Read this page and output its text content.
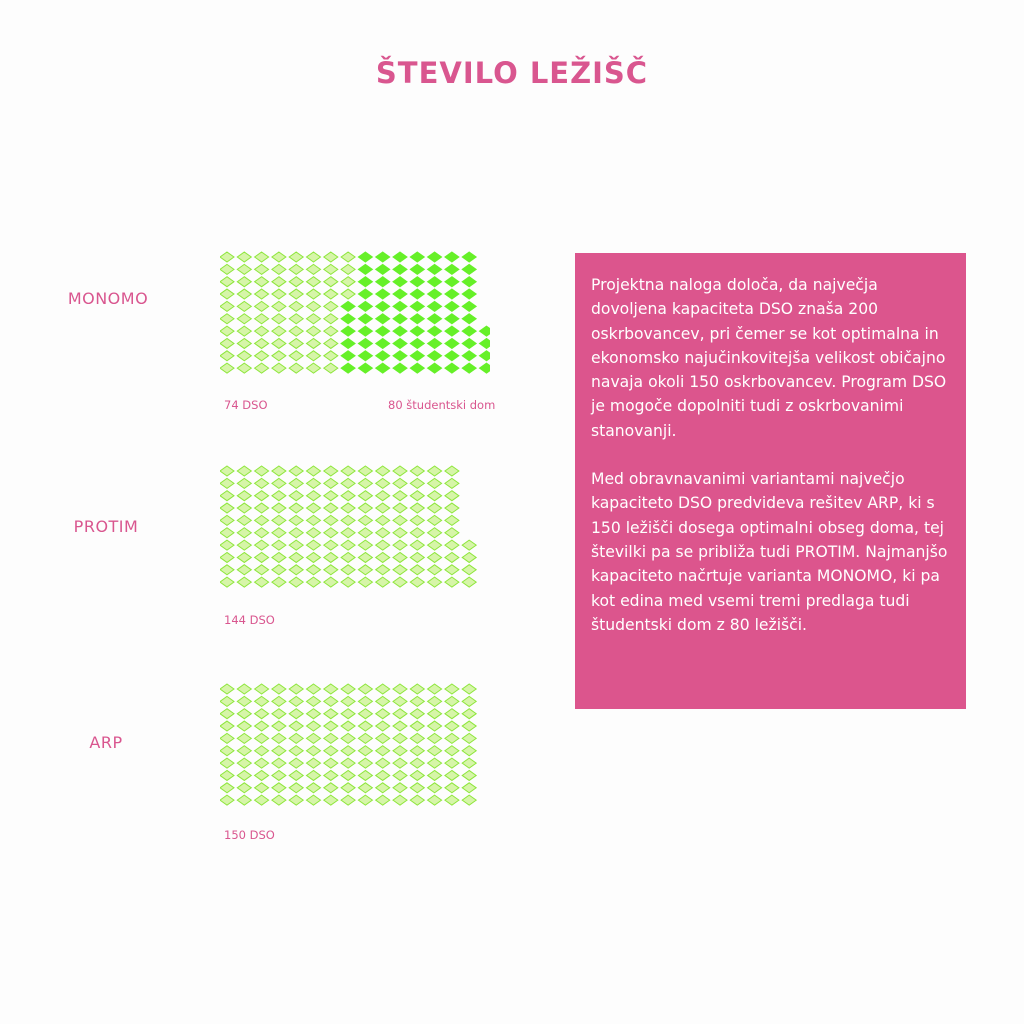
ŠTEVILO LEŽIŠČ
MONOMO
74 DSO	80 študentski dom
PROTIM
144 DSO
ARP
150 DSO

Projektna naloga določa, da največja dovoljena kapaciteta DSO znaša 200 oskrbovancev, pri čemer se kot optimalna in ekonomsko najučinkovitejša velikost običajno navaja okoli 150 oskrbovancev. Program DSO je mogoče dopolniti tudi z oskrbovanimi stanovanji.

Med obravnavanimi variantami največjo kapaciteto DSO predvideva rešitev ARP, ki s 150 ležišči dosega optimalni obseg doma, tej številki pa se približa tudi PROTIM. Najmanjšo kapaciteto načrtuje varianta MONOMO, ki pa kot edina med vsemi tremi predlaga tudi študentski dom z 80 ležišči.
